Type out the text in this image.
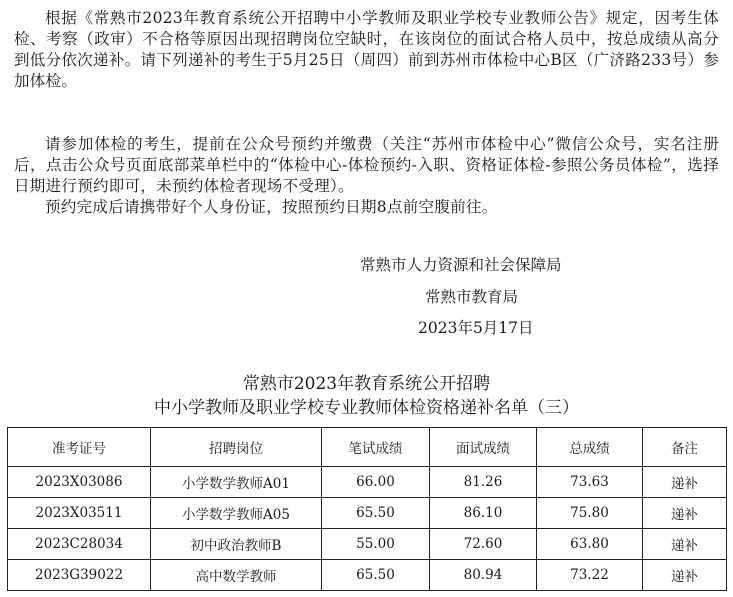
根据《常熟市2023年教育系统公开招聘中小学教师及职业学校专业教师公告》规定，因考生体检、考察（政审）不合格等原因出现招聘岗位空缺时，在该岗位的面试合格人员中，按总成绩从高分到低分依次递补。请下列递补的考生于5月25日（周四）前到苏州市体检中心B区（广济路233号）参加体检。

请参加体检的考生，提前在公众号预约并缴费（关注“苏州市体检中心”微信公众号，实名注册后，点击公众号页面底部菜单栏中的“体检中心-体检预约-入职、资格证体检-参照公务员体检”，选择日期进行预约即可，未预约体检者现场不受理）。

预约完成后请携带好个人身份证，按照预约日期8点前空腹前往。

常熟市人力资源和社会保障局
常熟市教育局
2023年5月17日
常熟市2023年教育系统公开招聘
中小学教师及职业学校专业教师体检资格递补名单（三）
准考证号	招聘岗位	笔试成绩	面试成绩	总成绩	备注
2023X03086	小学数学教师A01	66.00	81.26	73.63	递补
2023X03511	小学数学教师A05	65.50	86.10	75.80	递补
2023C28034	初中政治教师B	55.00	72.60	63.80	递补
2023G39022	高中数学教师	65.50	80.94	73.22	递补
